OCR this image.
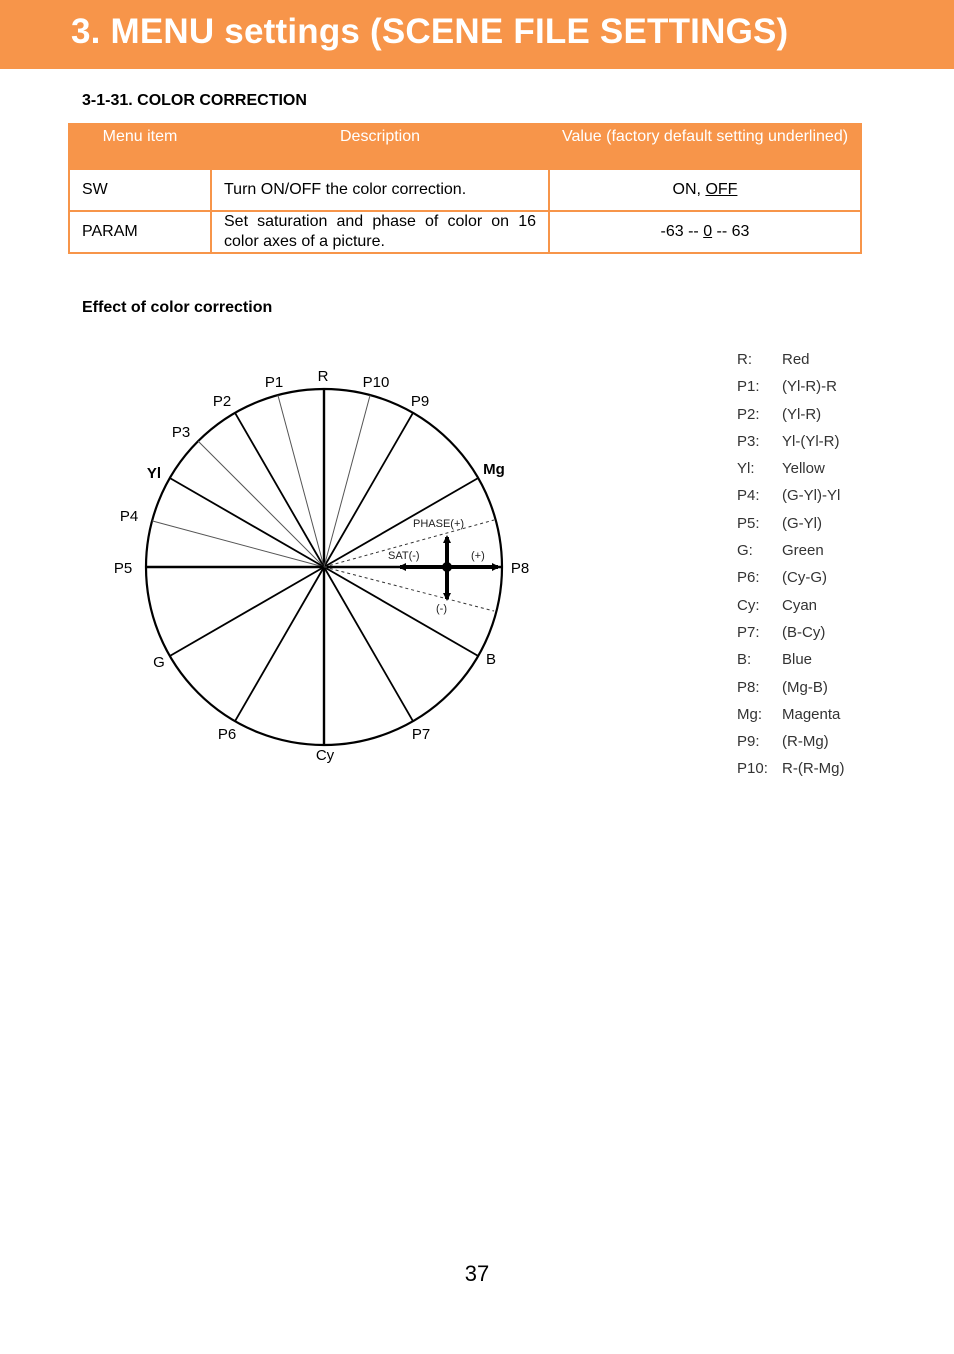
3. MENU settings (SCENE FILE SETTINGS)
3-1-31. COLOR CORRECTION
Menu item	Description	Value (factory default setting underlined)
SW	Turn ON/OFF the color correction.	ON, OFF
PARAM	Set saturation and phase of color on 16 color axes of a picture.	-63 -- 0 -- 63
Effect of color correction
PHASE(+)
SAT(-)	(+)
(-)
R
P1
P2
P3
Yl
P4
P5
G
P6
Cy
P7
B
P8
Mg
P9
P10
R: Red
P1: (Yl-R)-R
P2: (Yl-R)
P3: Yl-(Yl-R)
Yl: Yellow
P4: (G-Yl)-Yl
P5: (G-Yl)
G: Green
P6: (Cy-G)
Cy: Cyan
P7: (B-Cy)
B: Blue
P8: (Mg-B)
Mg: Magenta
P9: (R-Mg)
P10: R-(R-Mg)
37
